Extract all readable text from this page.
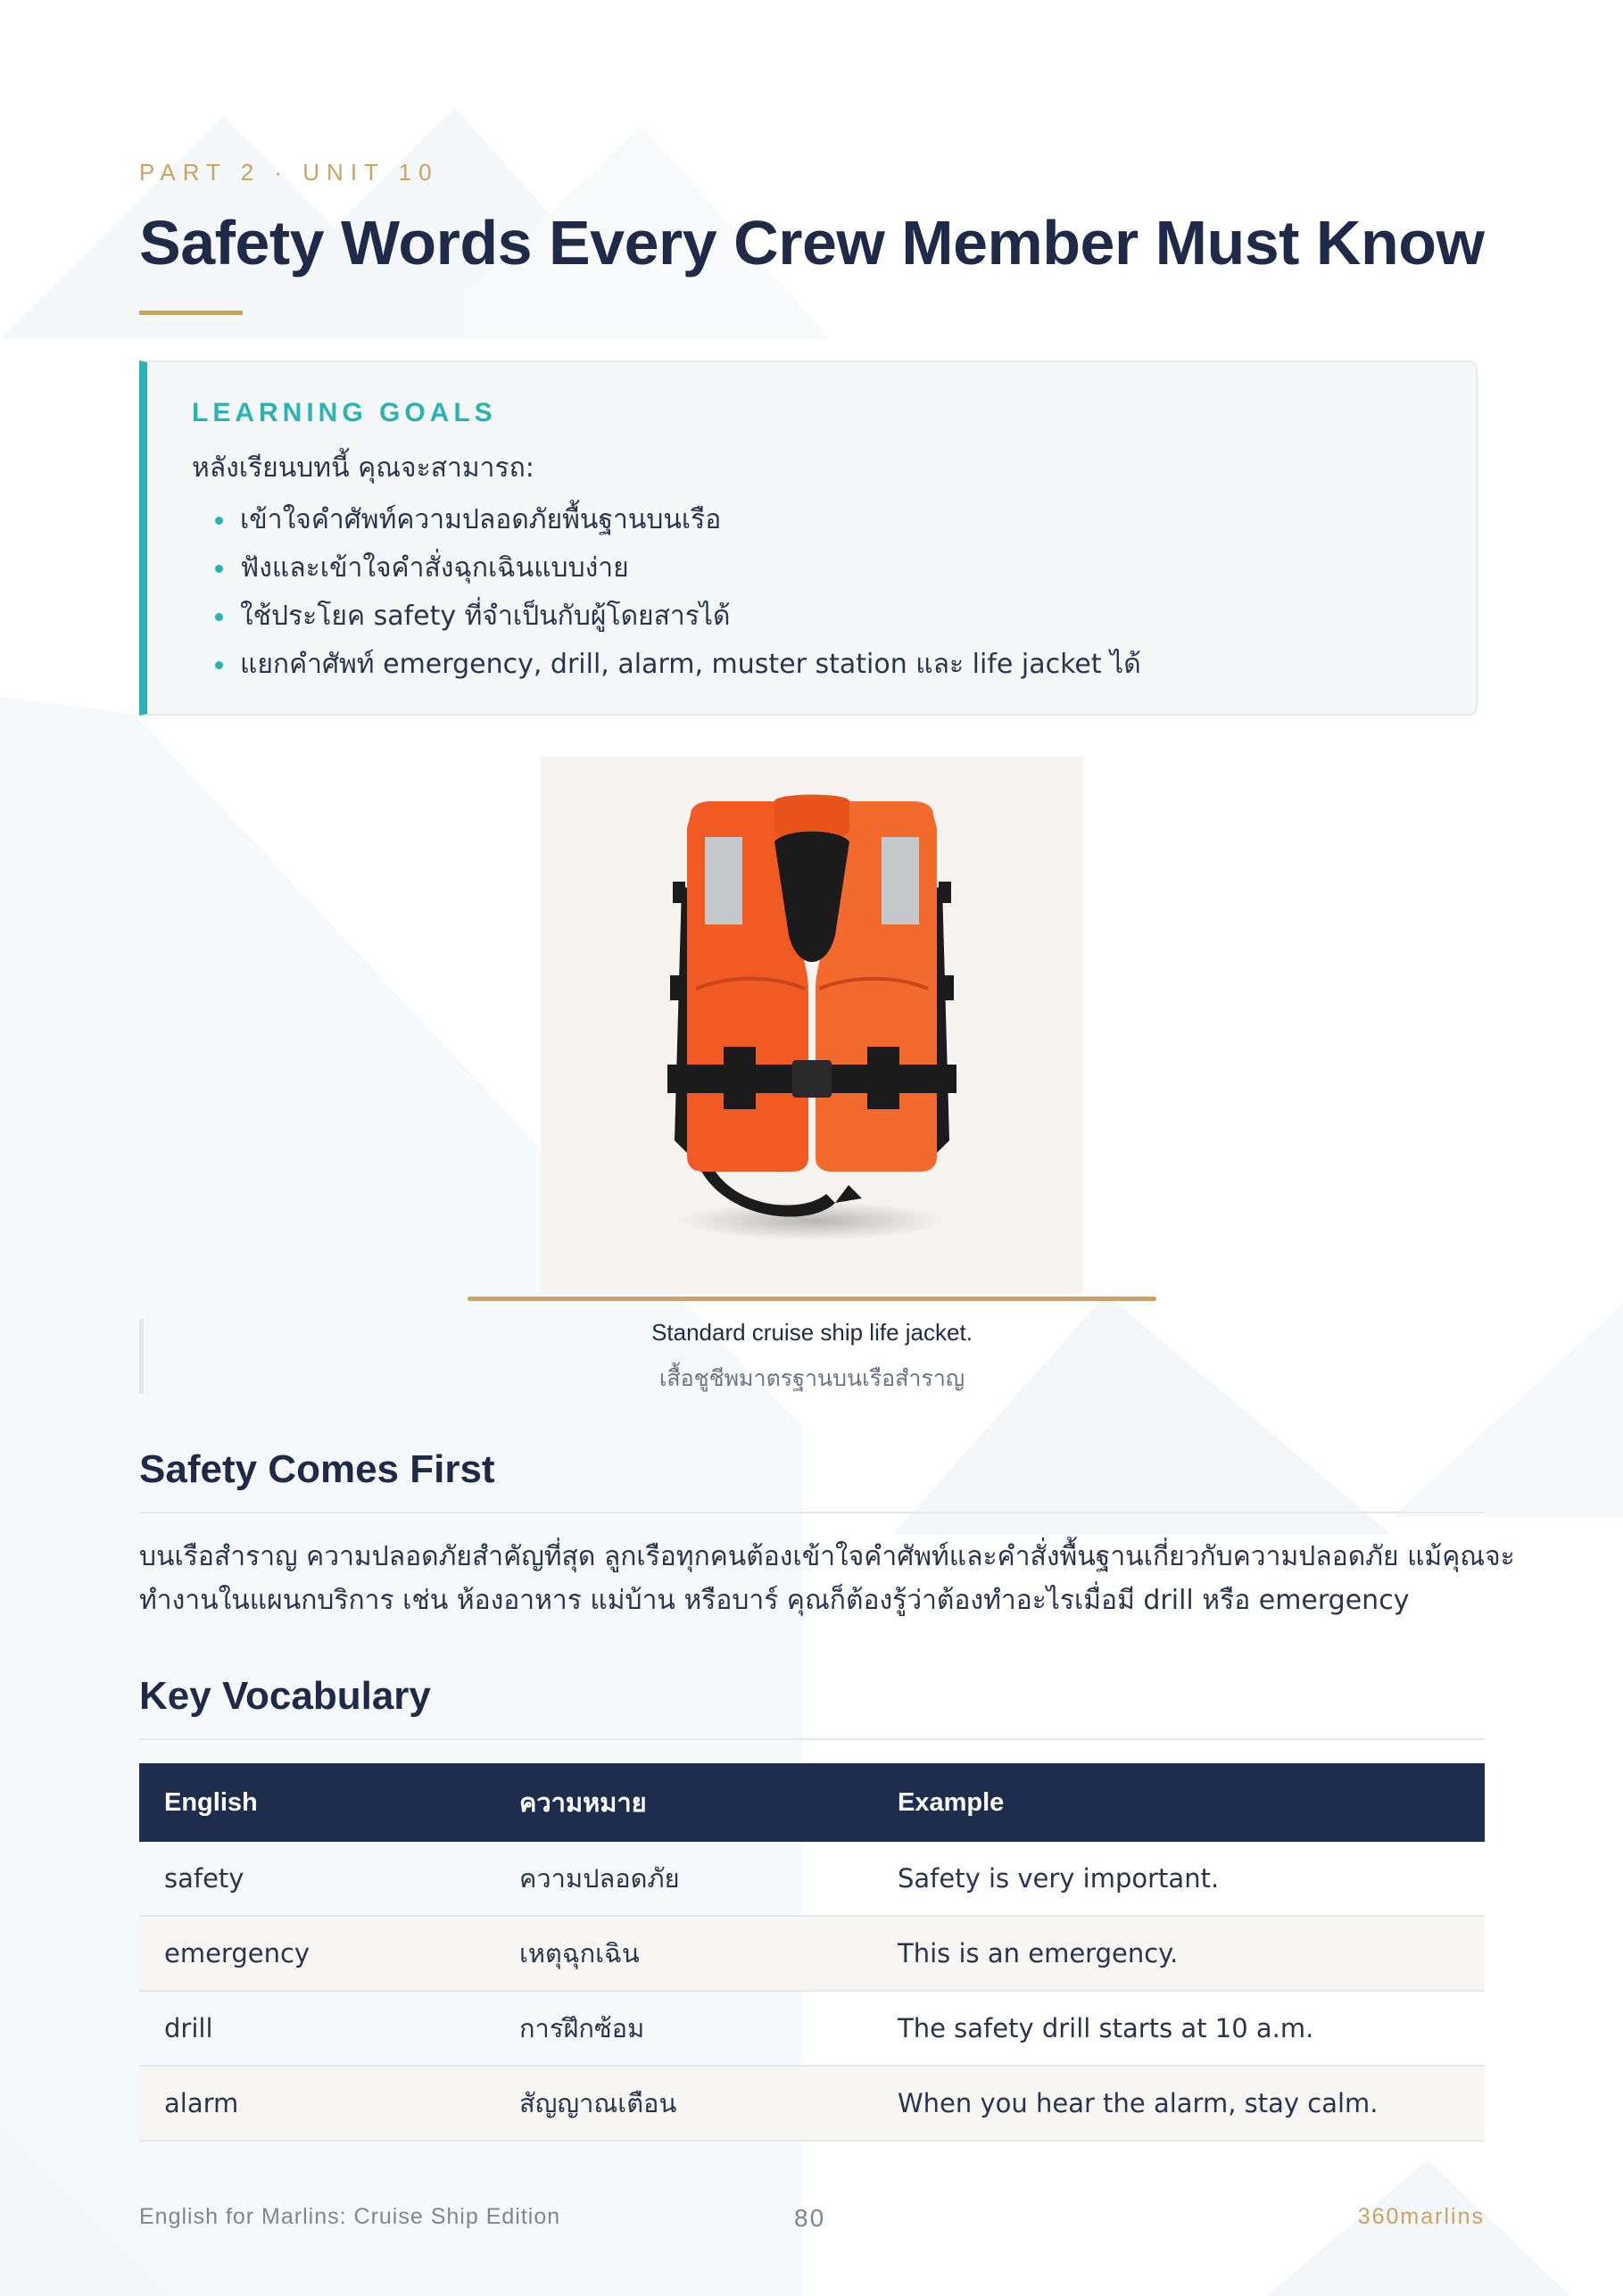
PART 2 · UNIT 10
Safety Words Every Crew Member Must Know
LEARNING GOALS
หลังเรียนบทนี้ คุณจะสามารถ:
เข้าใจคำศัพท์ความปลอดภัยพื้นฐานบนเรือ
ฟังและเข้าใจคำสั่งฉุกเฉินแบบง่าย
ใช้ประโยค safety ที่จำเป็นกับผู้โดยสารได้
แยกคำศัพท์ emergency, drill, alarm, muster station และ life jacket ได้
Standard cruise ship life jacket.
เสื้อชูชีพมาตรฐานบนเรือสำราญ
Safety Comes First

บนเรือสำราญ ความปลอดภัยสำคัญที่สุด ลูกเรือทุกคนต้องเข้าใจคำศัพท์และคำสั่งพื้นฐานเกี่ยวกับความปลอดภัย แม้คุณจะ
ทำงานในแผนกบริการ เช่น ห้องอาหาร แม่บ้าน หรือบาร์ คุณก็ต้องรู้ว่าต้องทำอะไรเมื่อมี drill หรือ emergency

Key Vocabulary
English	ความหมาย	Example
safety	ความปลอดภัย	Safety is very important.
emergency	เหตุฉุกเฉิน	This is an emergency.
drill	การฝึกซ้อม	The safety drill starts at 10 a.m.
alarm	สัญญาณเตือน	When you hear the alarm, stay calm.
English for Marlins: Cruise Ship Edition	80	360marlins
